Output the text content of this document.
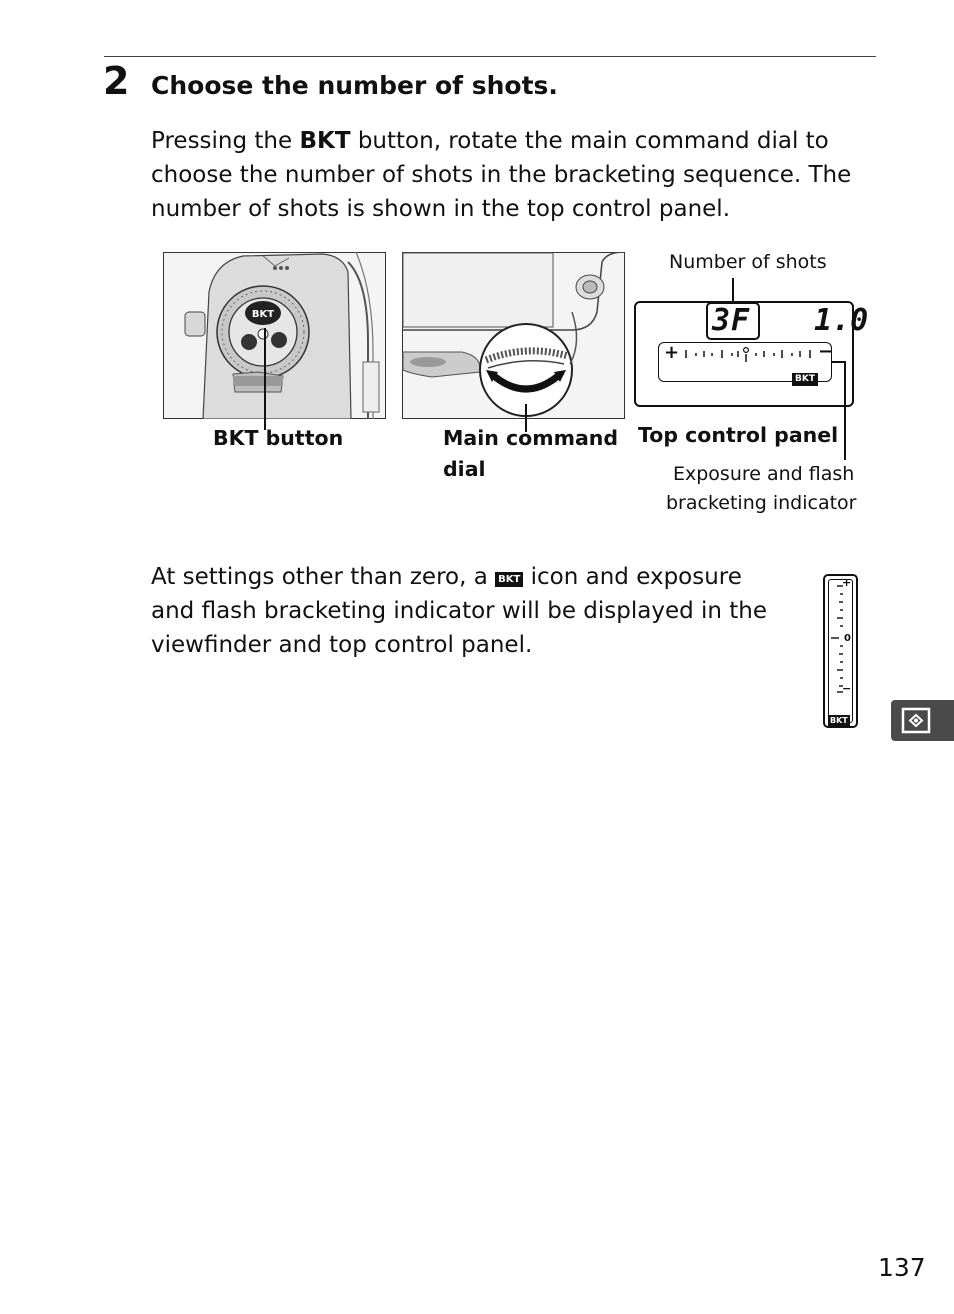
2 Choose the number of shots.
Pressing the BKT button, rotate the main command dial to choose the number of shots in the bracketing sequence. The number of shots is shown in the top control panel.
BKT
BKT button	Main command
dial
Number of shots
3F 1.0
+	−
BKT
Top control panel
Exposure and flash
bracketing indicator
At settings other than zero, a BKT icon and exposure and flash bracketing indicator will be displayed in the viewfinder and top control panel.
+
0
−
BKT
137
